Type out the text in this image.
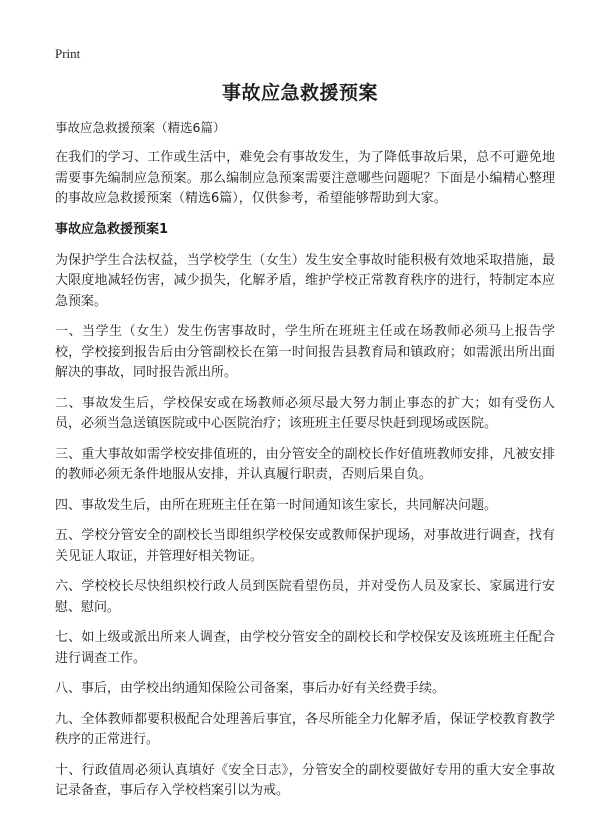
Print
事故应急救援预案
事故应急救援预案（精选6篇）

在我们的学习、工作或生活中，难免会有事故发生，为了降低事故后果，总不可避免地需要事先编制应急预案。那么编制应急预案需要注意哪些问题呢？下面是小编精心整理的事故应急救援预案（精选6篇），仅供参考，希望能够帮助到大家。

事故应急救援预案1

为保护学生合法权益，当学校学生（女生）发生安全事故时能积极有效地采取措施，最大限度地减轻伤害，减少损失，化解矛盾，维护学校正常教育秩序的进行，特制定本应急预案。

一、当学生（女生）发生伤害事故时，学生所在班班主任或在场教师必须马上报告学校，学校接到报告后由分管副校长在第一时间报告县教育局和镇政府；如需派出所出面解决的事故，同时报告派出所。

二、事故发生后，学校保安或在场教师必须尽最大努力制止事态的扩大；如有受伤人员，必须当急送镇医院或中心医院治疗；该班班主任要尽快赶到现场或医院。

三、重大事故如需学校安排值班的，由分管安全的副校长作好值班教师安排，凡被安排的教师必须无条件地服从安排，并认真履行职责，否则后果自负。

四、事故发生后，由所在班班主任在第一时间通知该生家长，共同解决问题。

五、学校分管安全的副校长当即组织学校保安或教师保护现场，对事故进行调查，找有关见证人取证，并管理好相关物证。

六、学校校长尽快组织校行政人员到医院看望伤员，并对受伤人员及家长、家属进行安慰、慰问。

七、如上级或派出所来人调查，由学校分管安全的副校长和学校保安及该班班主任配合进行调查工作。

八、事后，由学校出纳通知保险公司备案，事后办好有关经费手续。

九、全体教师都要积极配合处理善后事宜，各尽所能全力化解矛盾，保证学校教育教学秩序的正常进行。

十、行政值周必须认真填好《安全日志》，分管安全的副校要做好专用的重大安全事故记录备查，事后存入学校档案引以为戒。
